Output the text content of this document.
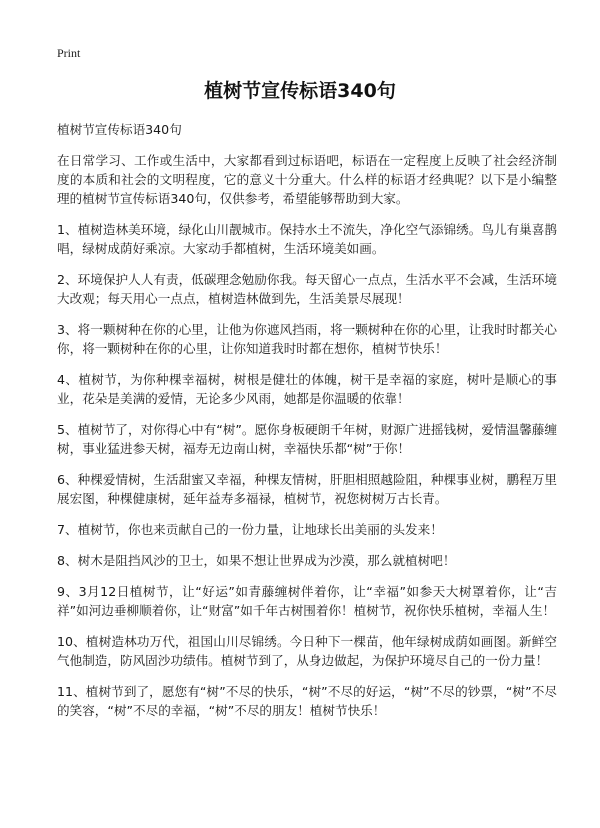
Print
植树节宣传标语340句

植树节宣传标语340句

在日常学习、工作或生活中，大家都看到过标语吧，标语在一定程度上反映了社会经济制度的本质和社会的文明程度，它的意义十分重大。什么样的标语才经典呢？以下是小编整理的植树节宣传标语340句，仅供参考，希望能够帮助到大家。

1、植树造林美环境，绿化山川靓城市。保持水土不流失，净化空气添锦绣。鸟儿有巢喜鹊唱，绿树成荫好乘凉。大家动手都植树，生活环境美如画。

2、环境保护人人有责，低碳理念勉励你我。每天留心一点点，生活水平不会减，生活环境大改观；每天用心一点点，植树造林做到先，生活美景尽展现！

3、将一颗树种在你的心里，让他为你遮风挡雨，将一颗树种在你的心里，让我时时都关心你，将一颗树种在你的心里，让你知道我时时都在想你，植树节快乐！

4、植树节，为你种棵幸福树，树根是健壮的体魄，树干是幸福的家庭，树叶是顺心的事业，花朵是美满的爱情，无论多少风雨，她都是你温暖的依靠！

5、植树节了，对你得心中有“树”。愿你身板硬朗千年树，财源广进摇钱树，爱情温馨藤缠树，事业猛进参天树，福寿无边南山树，幸福快乐都“树”于你！

6、种棵爱情树，生活甜蜜又幸福，种棵友情树，肝胆相照越险阻，种棵事业树，鹏程万里展宏图，种棵健康树，延年益寿多福禄，植树节，祝您树树万古长青。

7、植树节，你也来贡献自己的一份力量，让地球长出美丽的头发来！

8、树木是阻挡风沙的卫士，如果不想让世界成为沙漠，那么就植树吧！

9、3月12日植树节，让“好运”如青藤缠树伴着你，让“幸福”如参天大树罩着你，让“吉祥”如河边垂柳顺着你，让“财富”如千年古树围着你！植树节，祝你快乐植树，幸福人生！

10、植树造林功万代，祖国山川尽锦绣。今日种下一棵苗，他年绿树成荫如画图。新鲜空气他制造，防风固沙功绩伟。植树节到了，从身边做起，为保护环境尽自己的一份力量！

11、植树节到了，愿您有“树”不尽的快乐，“树”不尽的好运，“树”不尽的钞票，“树”不尽的笑容，“树”不尽的幸福，“树”不尽的朋友！植树节快乐！
